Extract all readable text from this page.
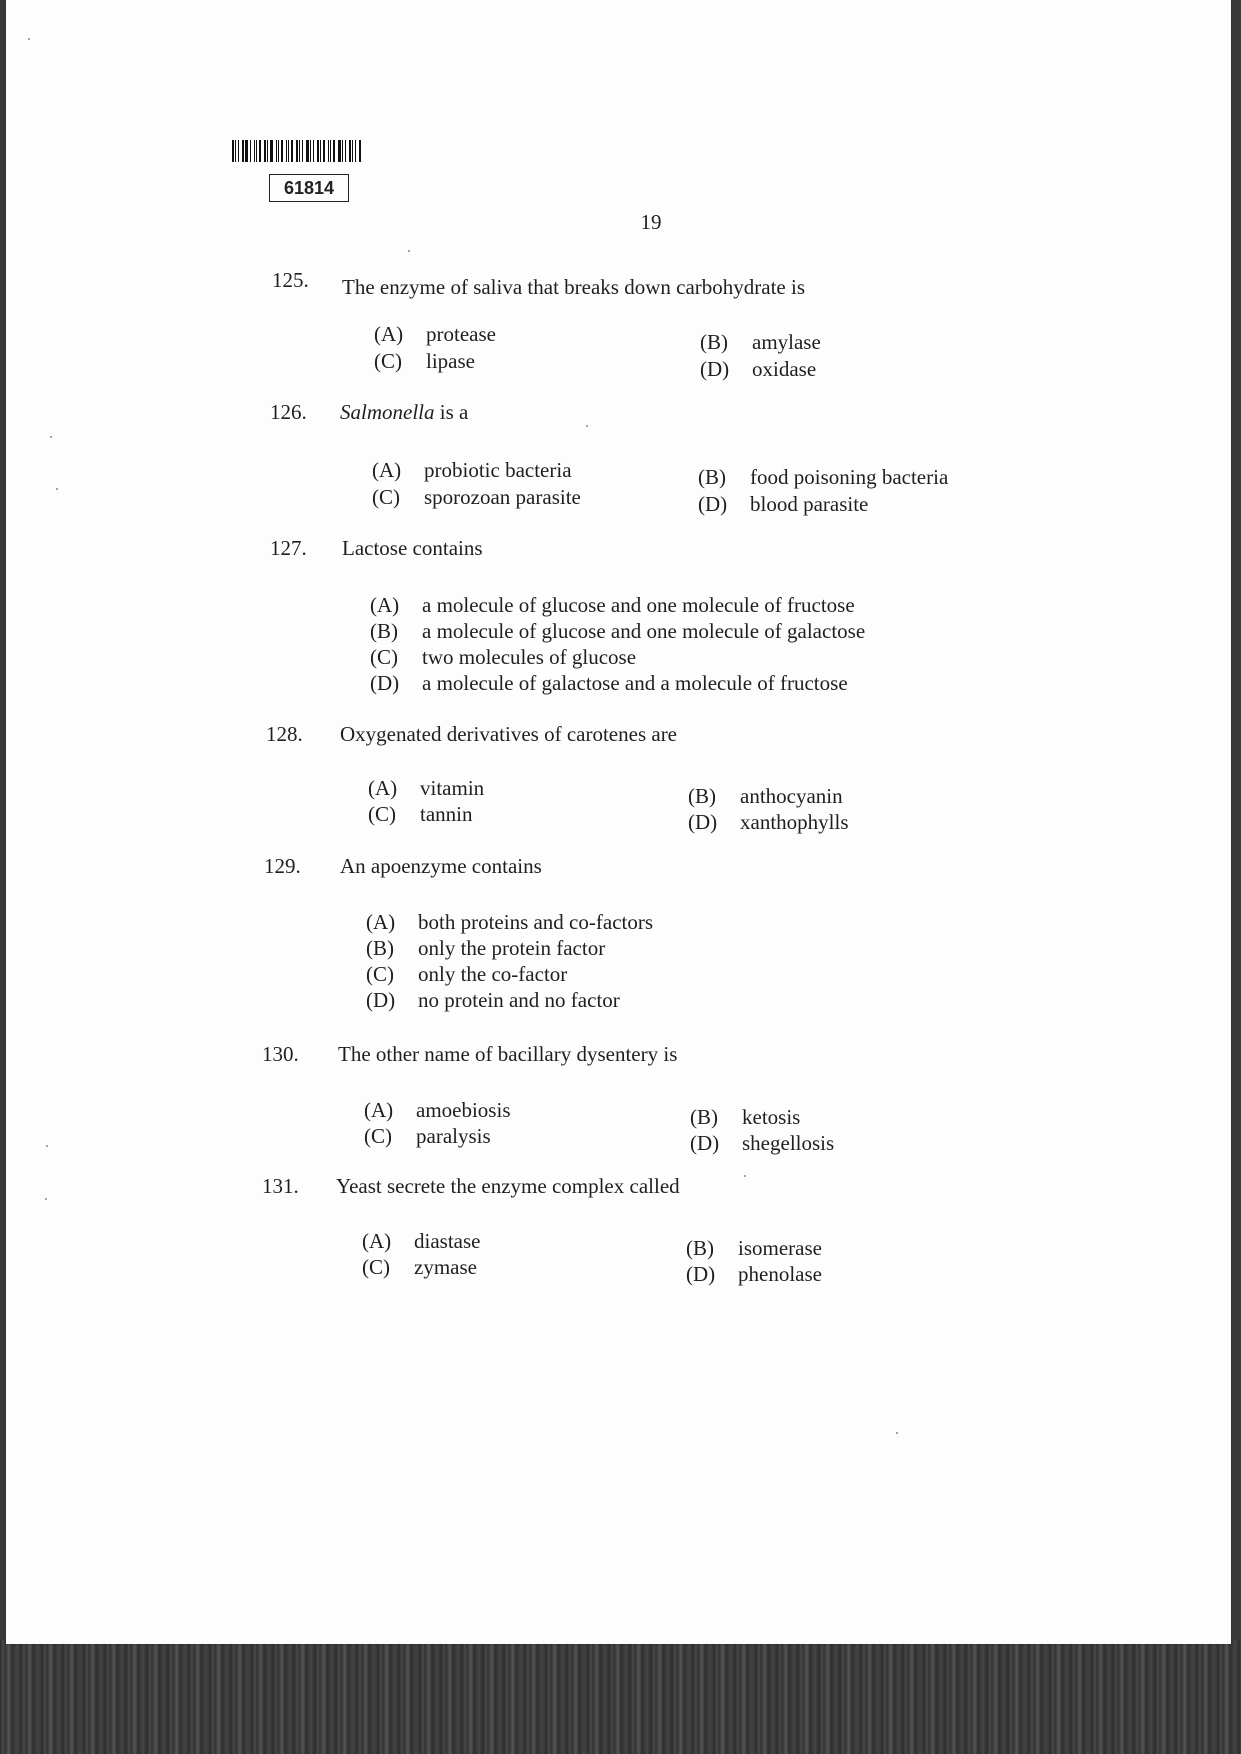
61814
19
125. The enzyme of saliva that breaks down carbohydrate is
(A) protease
(C) lipase
(B) amylase
(D) oxidase
126. Salmonella is a
(A) probiotic bacteria
(C) sporozoan parasite
(B) food poisoning bacteria
(D) blood parasite
127. Lactose contains
(A) a molecule of glucose and one molecule of fructose
(B) a molecule of glucose and one molecule of galactose
(C) two molecules of glucose
(D) a molecule of galactose and a molecule of fructose
128. Oxygenated derivatives of carotenes are
(A) vitamin
(C) tannin
(B) anthocyanin
(D) xanthophylls
129. An apoenzyme contains
(A) both proteins and co-factors
(B) only the protein factor
(C) only the co-factor
(D) no protein and no factor
130. The other name of bacillary dysentery is
(A) amoebiosis
(C) paralysis
(B) ketosis
(D) shegellosis
131. Yeast secrete the enzyme complex called
(A) diastase
(C) zymase
(B) isomerase
(D) phenolase
